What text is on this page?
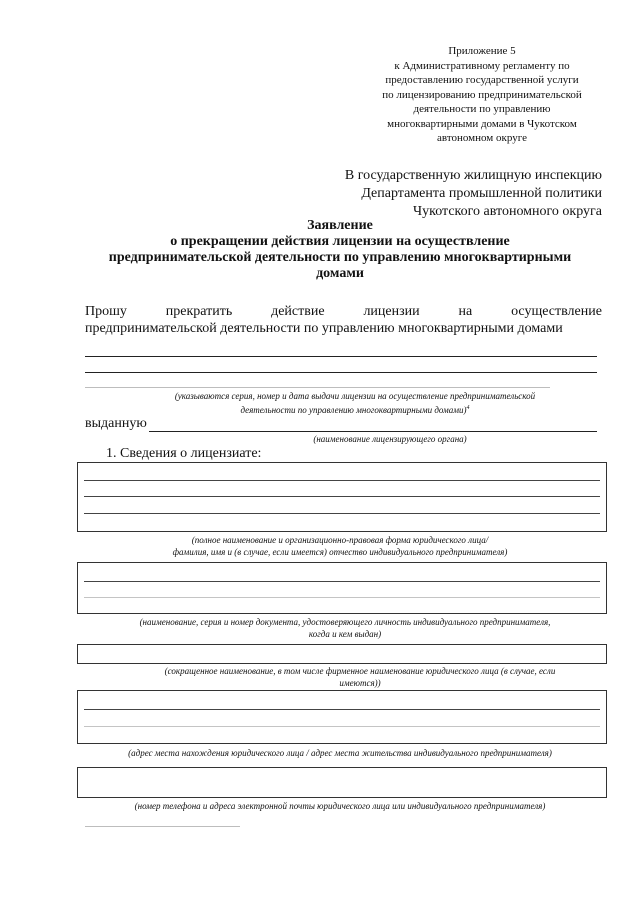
Приложение 5
к Административному регламенту по
предоставлению государственной услуги
по лицензированию предпринимательской
деятельности по управлению
многоквартирными домами в Чукотском
автономном округе
В государственную жилищную инспекцию
Департамента промышленной политики
Чукотского автономного округа
Заявление
о прекращении действия лицензии на осуществление
предпринимательской деятельности по управлению многоквартирными
домами
Прошу	прекратить	действие	лицензии	на	осуществление
предпринимательской деятельности по управлению многоквартирными домами
(указываются серия, номер и дата выдачи лицензии на осуществление предпринимательской
деятельности по управлению многоквартирными домами)$^4$
выданную
(наименование лицензирующего органа)
1. Сведения о лицензиате:
(полное наименование и организационно-правовая форма юридического лица/
фамилия, имя и (в случае, если имеется) отчество индивидуального предпринимателя)
(наименование, серия и номер документа, удостоверяющего личность индивидуального предпринимателя,
когда и кем выдан)
(сокращенное наименование, в том числе фирменное наименование юридического лица (в случае, если
имеются))
(адрес места нахождения юридического лица / адрес места жительства индивидуального предпринимателя)
(номер телефона и адреса электронной почты юридического лица или индивидуального предпринимателя)
